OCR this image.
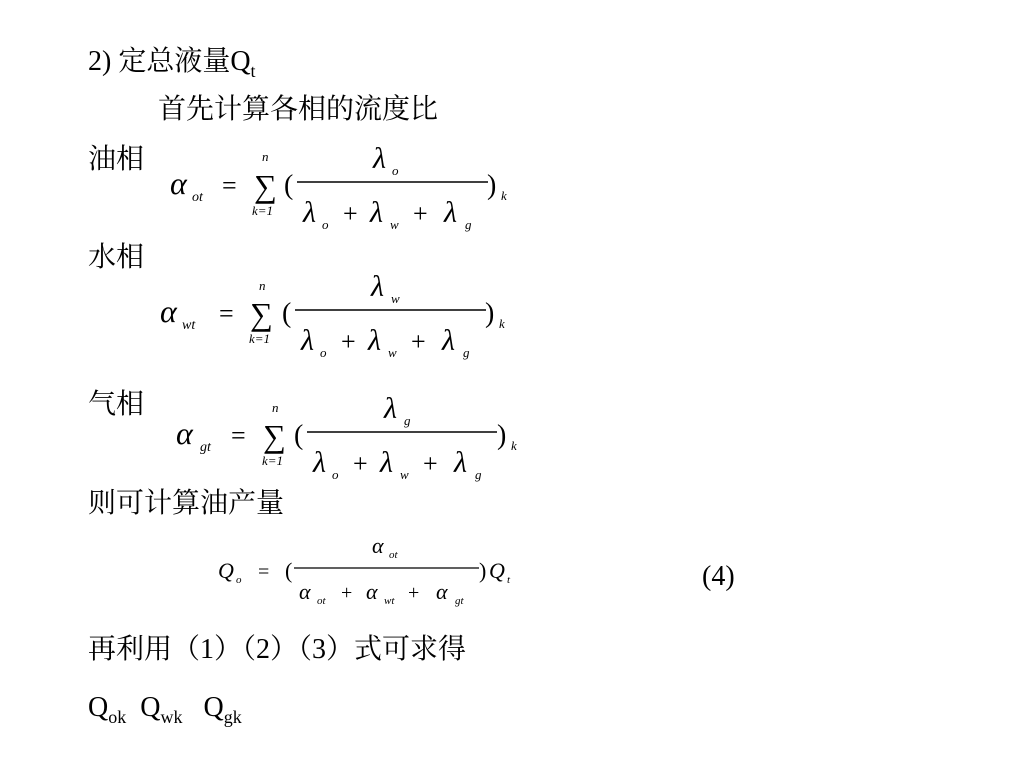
2) 定总液量$Q_t$
首先计算各相的流度比
油相
水相
气相
则可计算油产量
(4)
再利用（1）（2）（3）式可求得
$Q_{ok}$ $Q_{wk}$ $Q_{gk}$
α ot =
n
∑
k=1
(
λ o
λ o + λ w + λ g
) k
α wt =
n
∑
k=1
(
λ w
λ o + λ w + λ g
) k
α gt =
n
∑
k=1
(
λ g
λ o + λ w + λ g
) k
Q o = (
α ot
α ot + α wt + α gt
) Q t
